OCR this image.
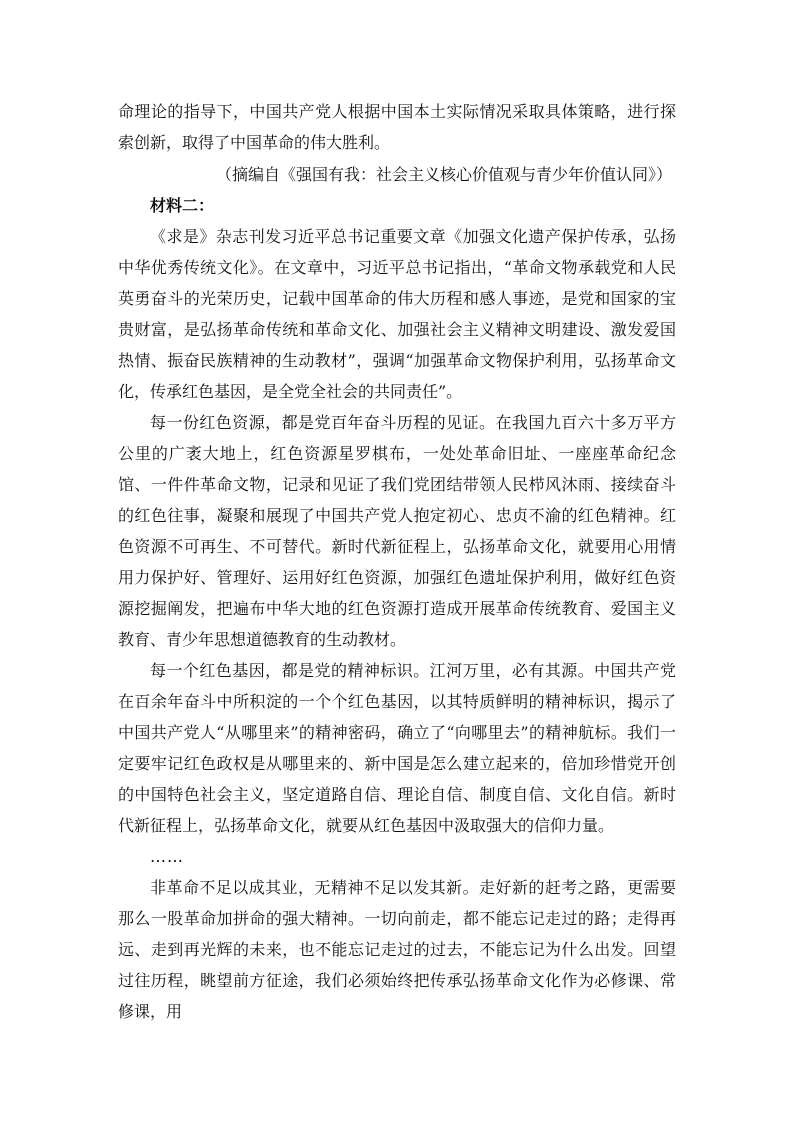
命理论的指导下，中国共产党人根据中国本土实际情况采取具体策略，进行探索创新，取得了中国革命的伟大胜利。

（摘编自《强国有我：社会主义核心价值观与青少年价值认同》）

材料二：

《求是》杂志刊发习近平总书记重要文章《加强文化遗产保护传承，弘扬中华优秀传统文化》。在文章中，习近平总书记指出，“革命文物承载党和人民英勇奋斗的光荣历史，记载中国革命的伟大历程和感人事迹，是党和国家的宝贵财富，是弘扬革命传统和革命文化、加强社会主义精神文明建设、激发爱国热情、振奋民族精神的生动教材”，强调“加强革命文物保护利用，弘扬革命文化，传承红色基因，是全党全社会的共同责任”。

每一份红色资源，都是党百年奋斗历程的见证。在我国九百六十多万平方公里的广袤大地上，红色资源星罗棋布，一处处革命旧址、一座座革命纪念馆、一件件革命文物，记录和见证了我们党团结带领人民栉风沐雨、接续奋斗的红色往事，凝聚和展现了中国共产党人抱定初心、忠贞不渝的红色精神。红色资源不可再生、不可替代。新时代新征程上，弘扬革命文化，就要用心用情用力保护好、管理好、运用好红色资源，加强红色遗址保护利用，做好红色资源挖掘阐发，把遍布中华大地的红色资源打造成开展革命传统教育、爱国主义教育、青少年思想道德教育的生动教材。

每一个红色基因，都是党的精神标识。江河万里，必有其源。中国共产党在百余年奋斗中所积淀的一个个红色基因，以其特质鲜明的精神标识，揭示了中国共产党人“从哪里来”的精神密码，确立了“向哪里去”的精神航标。我们一定要牢记红色政权是从哪里来的、新中国是怎么建立起来的，倍加珍惜党开创的中国特色社会主义，坚定道路自信、理论自信、制度自信、文化自信。新时代新征程上，弘扬革命文化，就要从红色基因中汲取强大的信仰力量。

……

非革命不足以成其业，无精神不足以发其新。走好新的赶考之路，更需要那么一股革命加拼命的强大精神。一切向前走，都不能忘记走过的路；走得再远、走到再光辉的未来，也不能忘记走过的过去，不能忘记为什么出发。回望过往历程，眺望前方征途，我们必须始终把传承弘扬革命文化作为必修课、常修课，用
